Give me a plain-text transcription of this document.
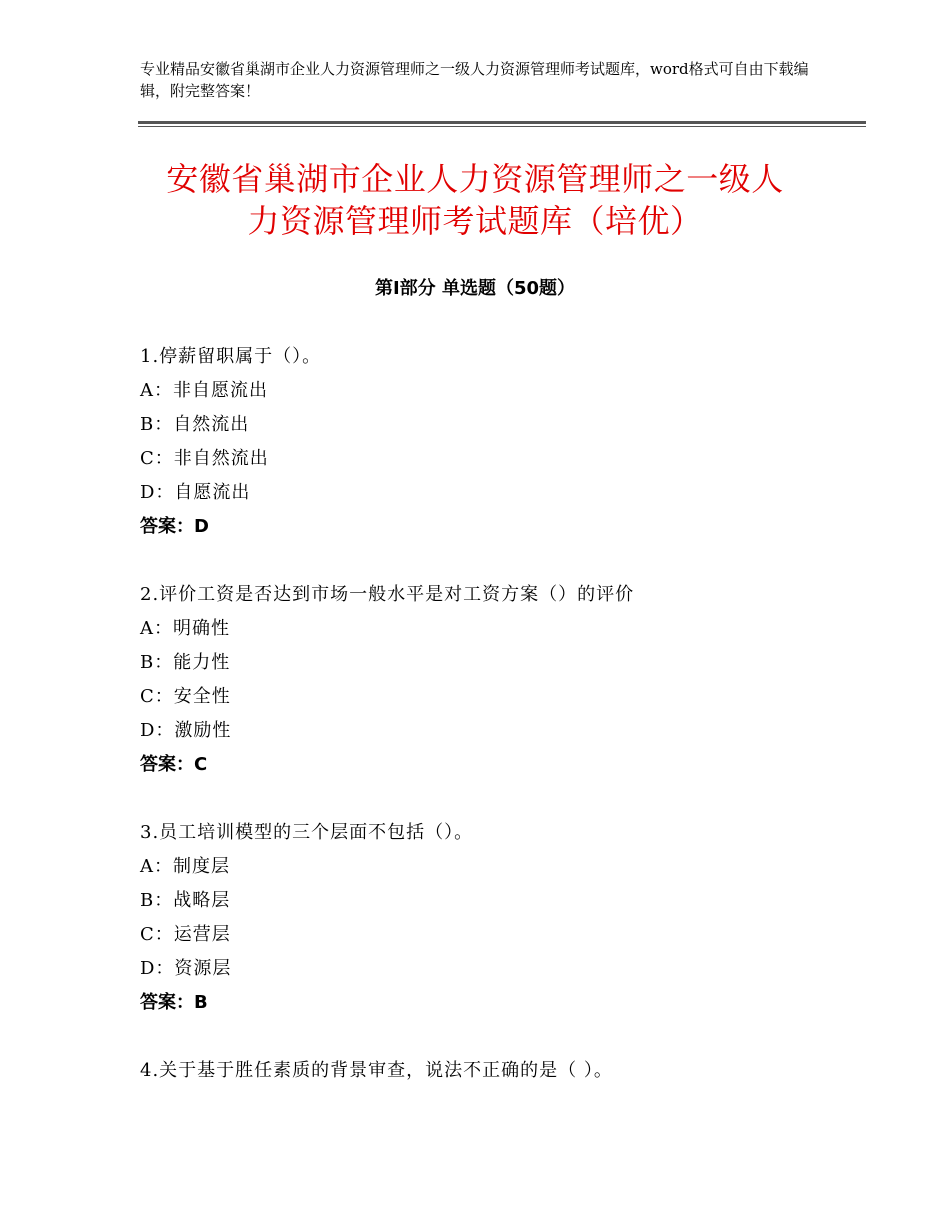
专业精品安徽省巢湖市企业人力资源管理师之一级人力资源管理师考试题库，word格式可自由下载编辑，附完整答案！
安徽省巢湖市企业人力资源管理师之一级人
力资源管理师考试题库（培优）
第Ⅰ部分 单选题（50题）
1.停薪留职属于（）。
A：非自愿流出
B：自然流出
C：非自然流出
D：自愿流出
答案：D
2.评价工资是否达到市场一般水平是对工资方案（）的评价
A：明确性
B：能力性
C：安全性
D：激励性
答案：C
3.员工培训模型的三个层面不包括（）。
A：制度层
B：战略层
C：运营层
D：资源层
答案：B
4.关于基于胜任素质的背景审查，说法不正确的是（ ）。
